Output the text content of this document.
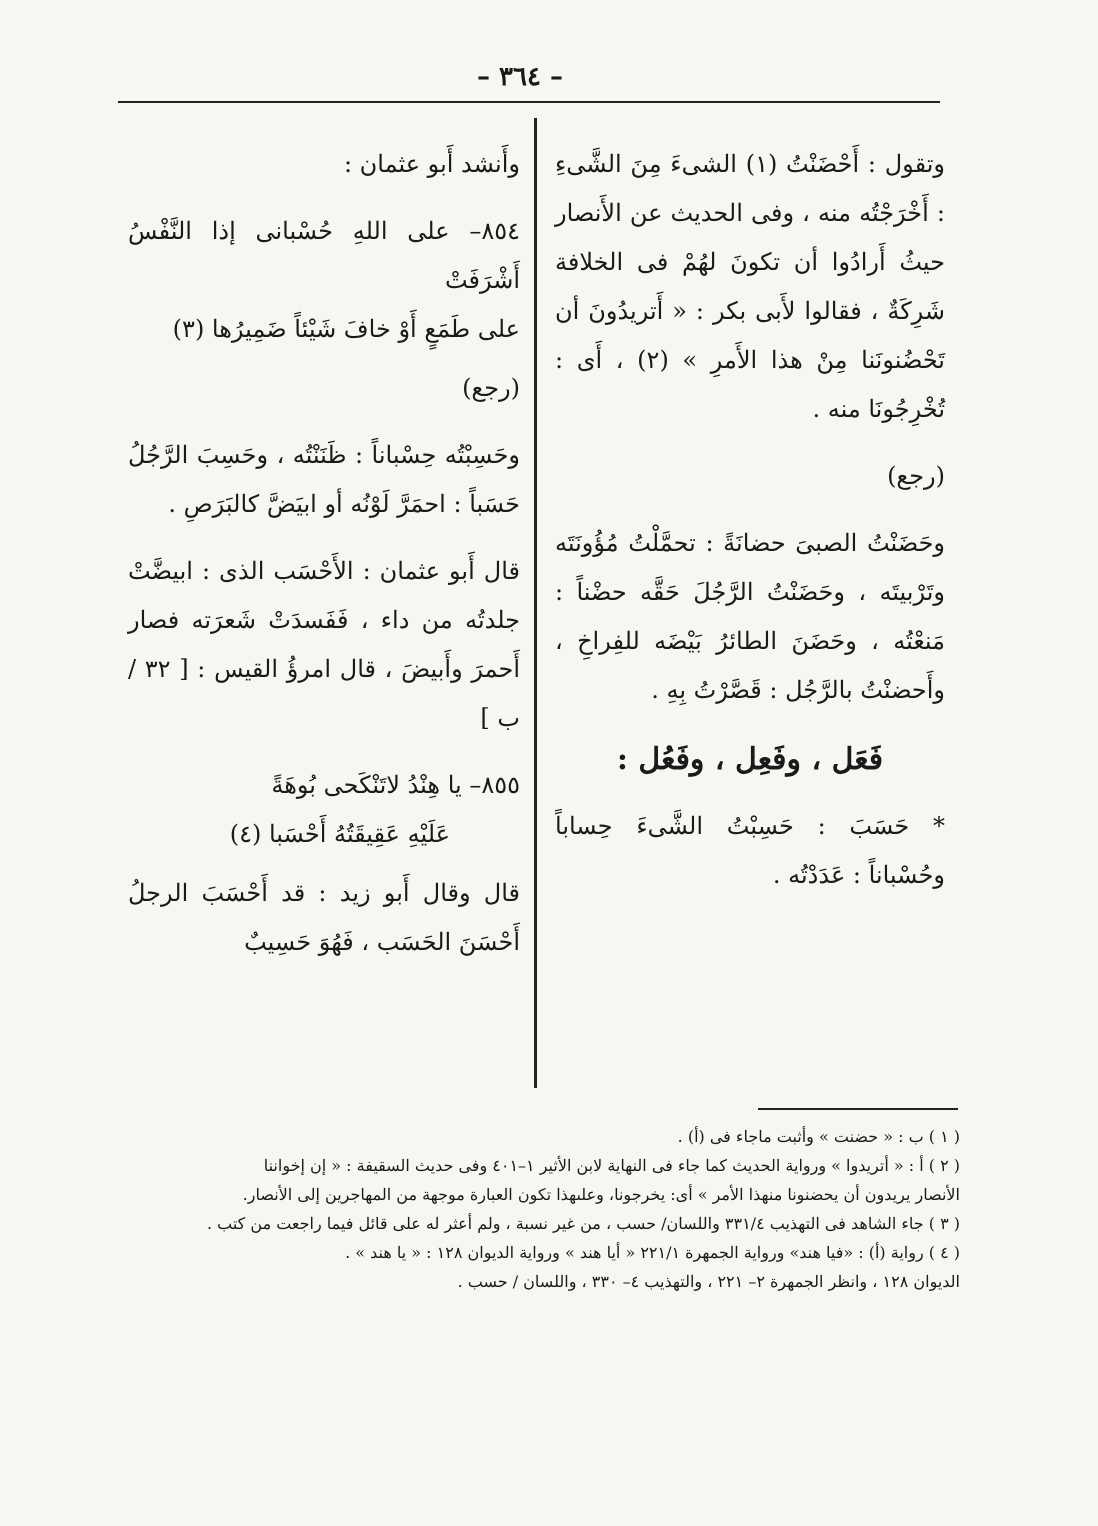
– ٣٦٤ –

وتقول : أَحْضَنْتُ (١) الشىءَ مِنَ الشَّىءِ : أَخْرَجْتُه منه ، وفى الحديث عن الأَنصار حيثُ أَرادُوا أن تكونَ لهُمْ فى الخلافة شَرِكَةٌ ، فقالوا لأَبى بكر : « أَتريدُونَ أن تَحْضُنونَنا مِنْ هذا الأَمرِ » (٢) ، أَى : تُخْرِجُونَا منه .

(رجع)

وحَضَنْتُ الصبىَ حضانَةً : تحمَّلْتُ مُؤُونَتَه وتَرْبيتَه ، وحَضَنْتُ الرَّجُلَ حَقَّه حضْناً : مَنعْتُه ، وحَضَنَ الطائرُ بَيْضَه للفِراخِ ، وأَحضنْتُ بالرَّجُل : قَصَّرْتُ بِهِ .

فَعَل ، وفَعِل ، وفَعُل :

* حَسَبَ : حَسِبْتُ الشَّىءَ حِساباً وحُسْباناً : عَدَدْتُه .

وأَنشد أَبو عثمان :

٨٥٤– على اللهِ حُسْبانى إذا النَّفْسُ أَشْرَفَتْ
على طَمَعٍ أَوْ خافَ شَيْئاً ضَمِيرُها (٣)
(رجع)

وحَسِبْتُه حِسْباناً : ظَنَنْتُه ، وحَسِبَ الرَّجُلُ حَسَباً : احمَرَّ لَوْنُه أو ابيَضَّ كالبَرَصِ .

قال أَبو عثمان : الأَحْسَب الذى : ابيضَّتْ جلدتُه من داء ، فَفَسدَتْ شَعرَته فصار أَحمرَ وأَبيضَ ، قال امرؤُ القيس : [ ٣٢ / ب ]

٨٥٥– يا هِنْدُ لاتَنْكَحى بُوهَةً
عَلَيْهِ عَقِيقَتُهُ أَحْسَبا (٤)

قال وقال أَبو زيد : قد أَحْسَبَ الرجلُ أَحْسَنَ الحَسَب ، فَهُوَ حَسِيبٌ

( ١ ) ب : « حضنت » وأثبت ماجاء فى (أ) .
( ٢ ) أ : « أتريدوا » ورواية الحديث كما جاء فى النهاية لابن الأثير ١–٤٠١ وفى حديث السقيفة : « إن إخواننا
الأنصار يريدون أن يحضنونا منهذا الأمر » أى: يخرجونا، وعلىهذا تكون العبارة موجهة من المهاجرين إلى الأنصار.
( ٣ ) جاء الشاهد فى التهذيب ٣٣١/٤ واللسان/ حسب ، من غير نسبة ، ولم أعثر له على قائل فيما راجعت من كتب .
( ٤ ) رواية (أ) : «فيا هند» ورواية الجمهرة ٢٢١/١ « أيا هند » ورواية الديوان ١٢٨ : « يا هند » .
الديوان ١٢٨ ، وانظر الجمهرة ٢– ٢٢١ ، والتهذيب ٤– ٣٣٠ ، واللسان / حسب .
